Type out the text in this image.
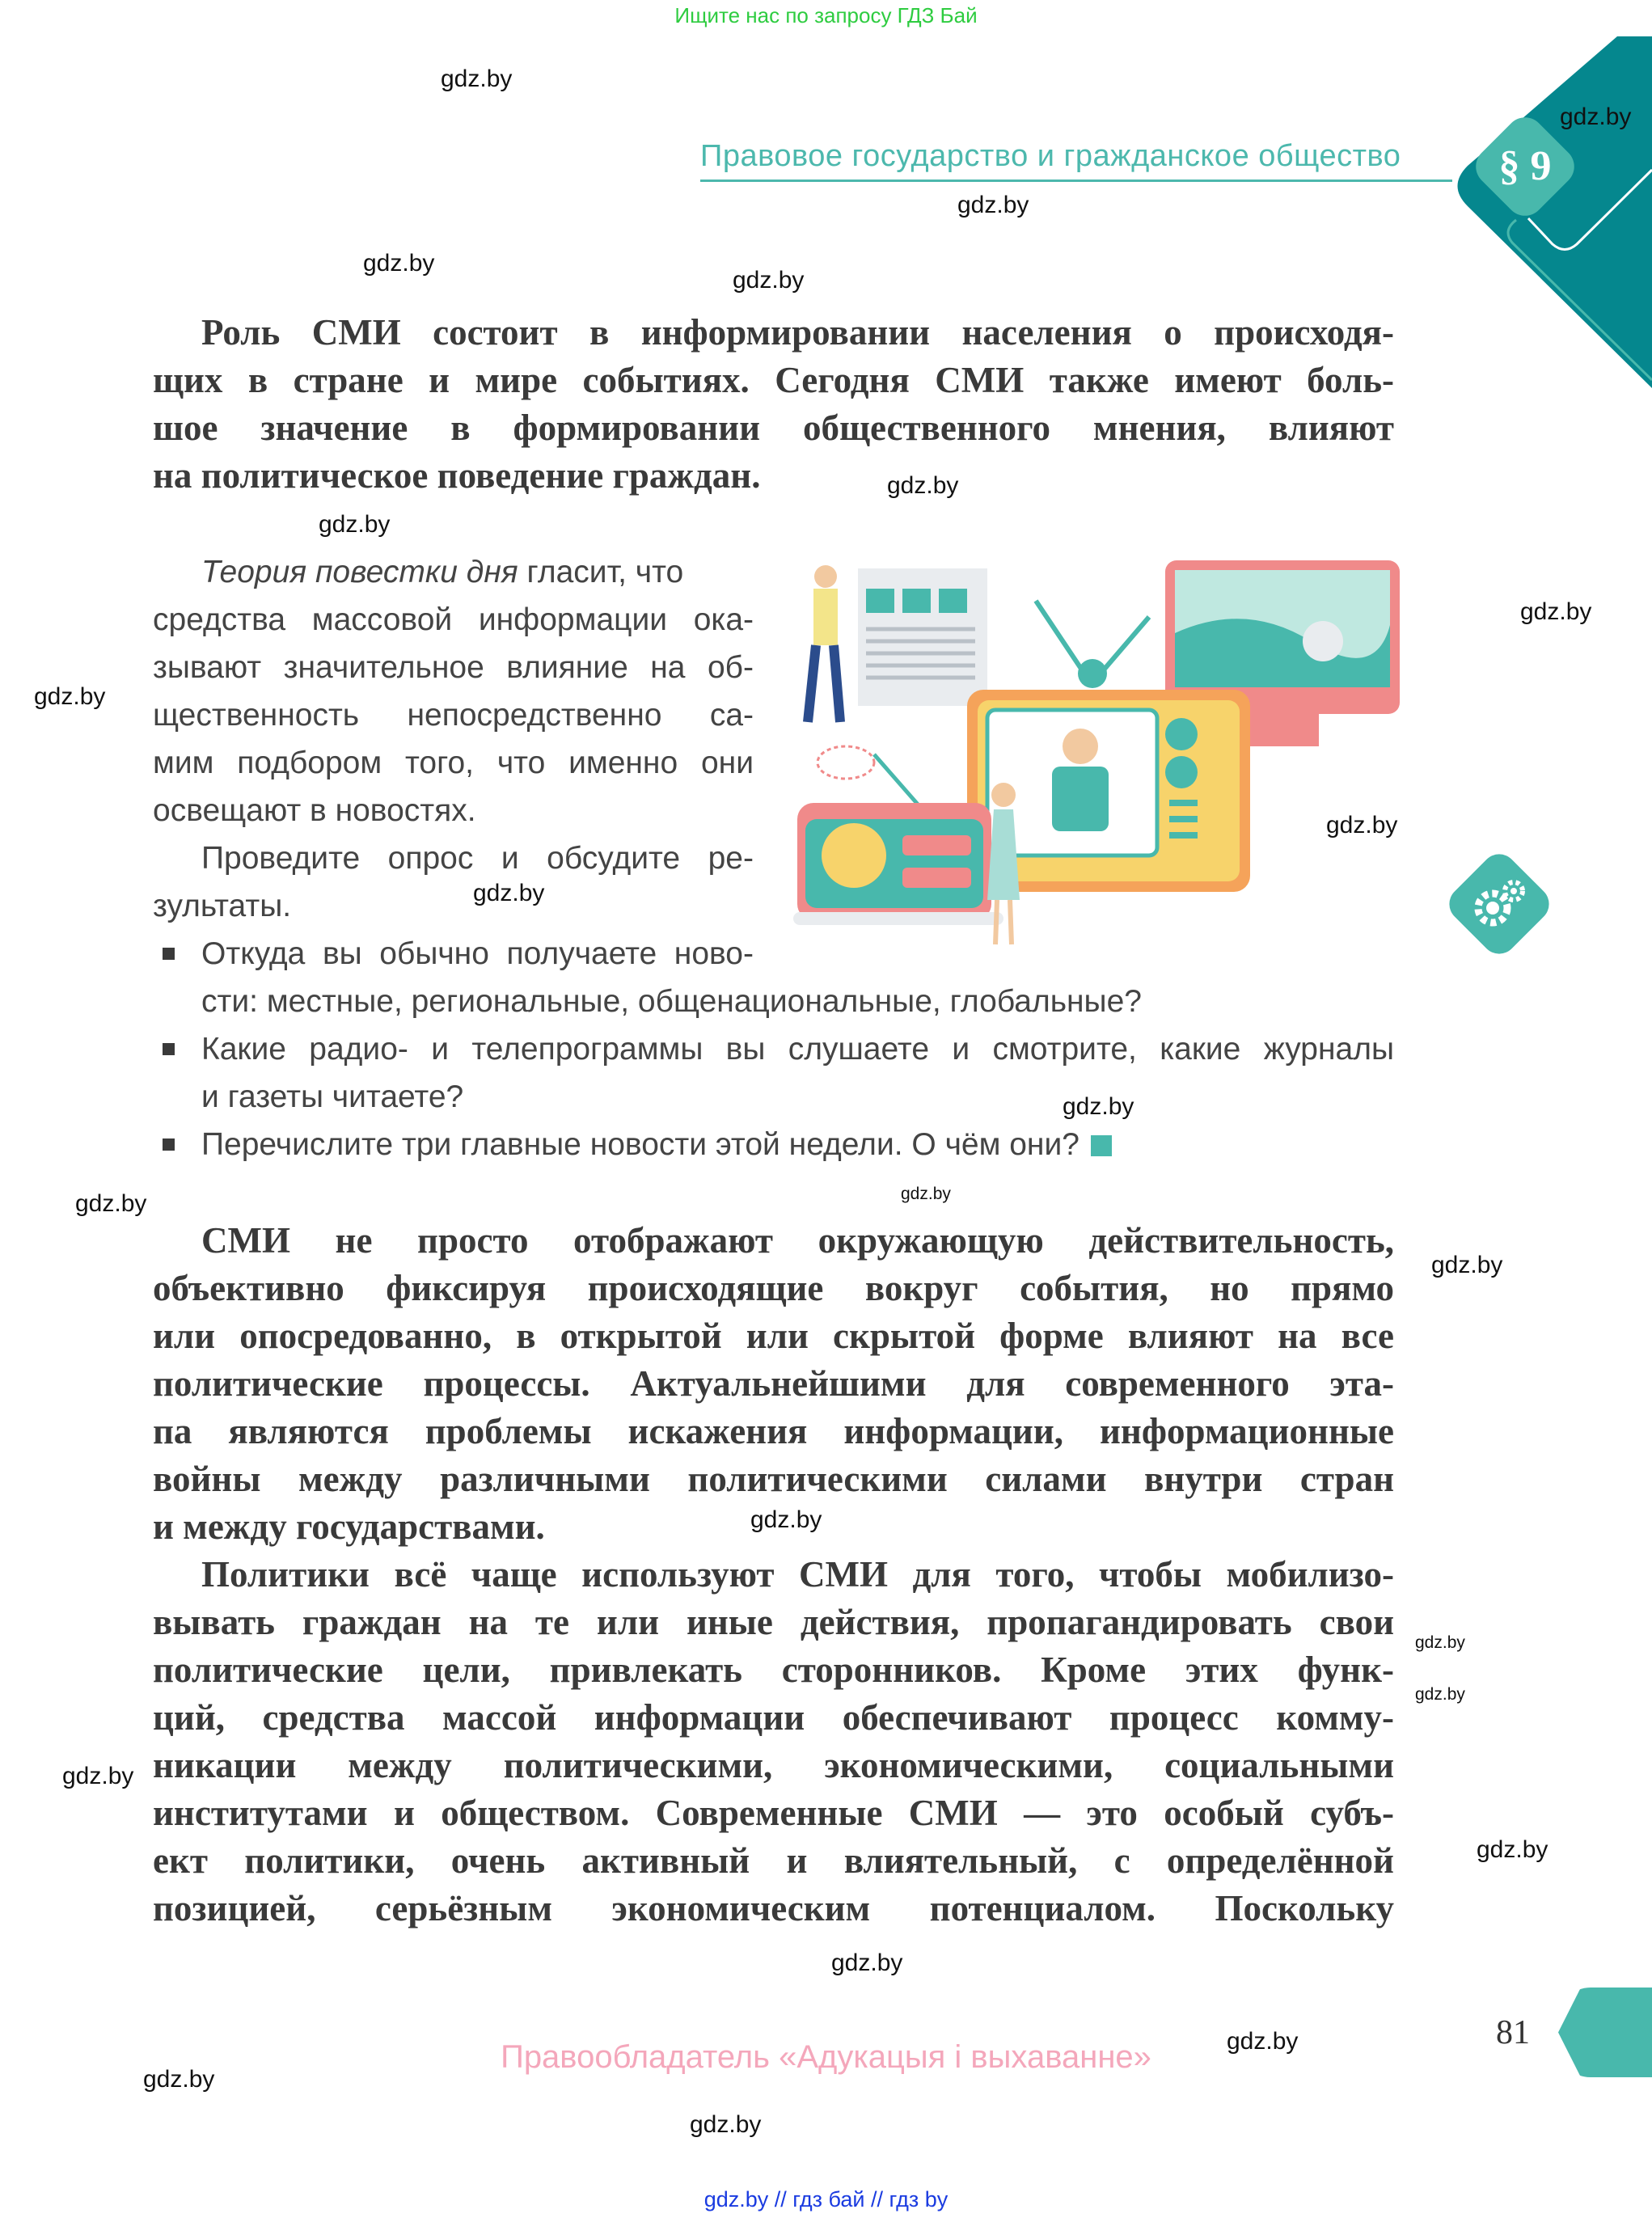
Ищите нас по запросу ГДЗ Бай
Правовое государство и гражданское общество	§ 9
Роль СМИ состоит в информировании населения о происходя-
щих в стране и мире событиях. Сегодня СМИ также имеют боль-
шое значение в формировании общественного мнения, влияют
на политическое поведение граждан.
Теория повестки дня гласит, что
средства массовой информации ока-
зывают значительное влияние на об-
щественность непосредственно са-
мим подбором того, что именно они
освещают в новостях.
Проведите опрос и обсудите ре-
зультаты.
Откуда вы обычно получаете ново-
сти: местные, региональные, общенациональные, глобальные?
Какие радио- и телепрограммы вы слушаете и смотрите, какие журналы
и газеты читаете?
Перечислите три главные новости этой недели. О чём они?
СМИ не просто отображают окружающую действительность,
объективно фиксируя происходящие вокруг события, но прямо
или опосредованно, в открытой или скрытой форме влияют на все
политические процессы. Актуальнейшими для современного эта-
па являются проблемы искажения информации, информационные
войны между различными политическими силами внутри стран
и между государствами.
Политики всё чаще используют СМИ для того, чтобы мобилизо-
вывать граждан на те или иные действия, пропагандировать свои
политические цели, привлекать сторонников. Кроме этих функ-
ций, средства массой информации обеспечивают процесс комму-
никации между политическими, экономическими, социальными
институтами и обществом. Современные СМИ — это особый субъ-
ект политики, очень активный и влиятельный, с определённой
позицией, серьёзным экономическим потенциалом. Поскольку
81
Правообладатель «Адукацыя і выхаванне»
gdz.by // гдз бай // гдз by
gdz.by
gdz.by
gdz.by
gdz.by
gdz.by
gdz.by
gdz.by
gdz.by
gdz.by
gdz.by
gdz.by
gdz.by
gdz.by
gdz.by
gdz.by
gdz.by
gdz.by
gdz.by
gdz.by
gdz.by
gdz.by
gdz.by
gdz.by
gdz.by
